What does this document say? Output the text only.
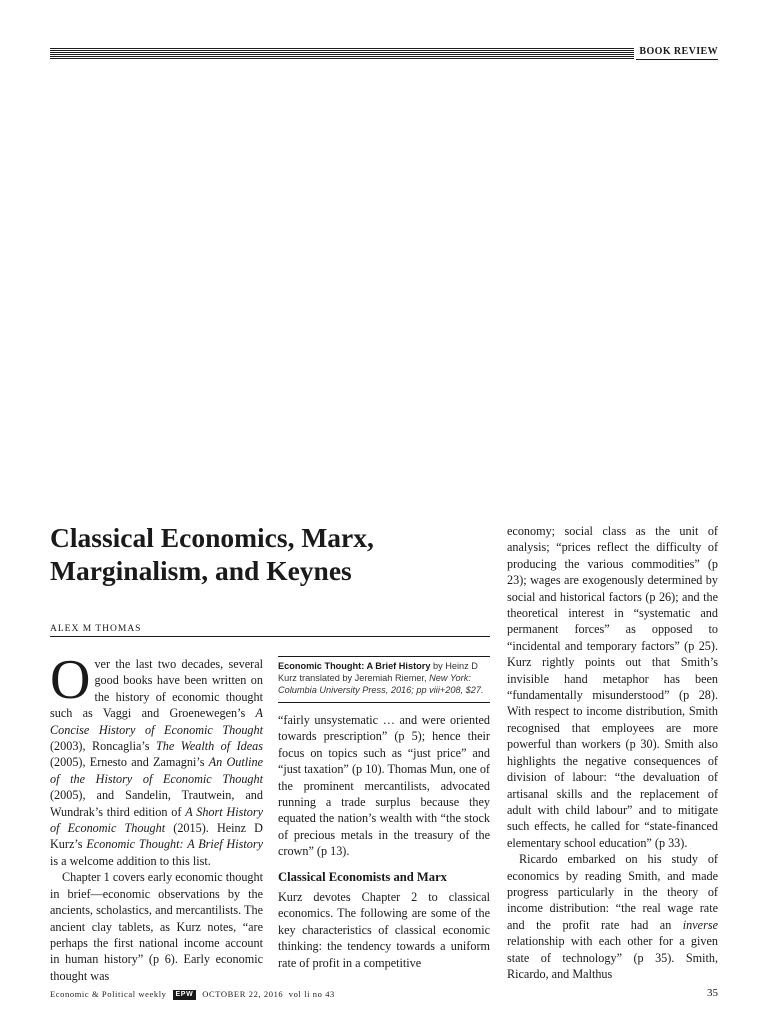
BOOK REVIEW
Classical Economics, Marx, Marginalism, and Keynes
ALEX M THOMAS

Over the last two decades, several good books have been written on the history of economic thought such as Vaggi and Groenewegen’s A Concise History of Economic Thought (2003), Roncaglia’s The Wealth of Ideas (2005), Ernesto and Zamagni’s An Outline of the History of Economic Thought (2005), and Sandelin, Trautwein, and Wundrak’s third edition of A Short History of Economic Thought (2015). Heinz D Kurz’s Economic Thought: A Brief History is a welcome addition to this list.

Chapter 1 covers early economic thought in brief—economic observations by the ancients, scholastics, and mercantilists. The ancient clay tablets, as Kurz notes, “are perhaps the first national income account in human history” (p 6). Early economic thought was

Economic Thought: A Brief History by Heinz D Kurz translated by Jeremiah Riemer, New York: Columbia University Press, 2016; pp viii+208, $27.

“fairly unsystematic … and were oriented towards prescription” (p 5); hence their focus on topics such as “just price” and “just taxation” (p 10). Thomas Mun, one of the prominent mercantilists, advocated running a trade surplus because they equated the nation’s wealth with “the stock of precious metals in the treasury of the crown” (p 13).

Classical Economists and Marx

Kurz devotes Chapter 2 to classical economics. The following are some of the key characteristics of classical economic thinking: the tendency towards a uniform rate of profit in a competitive

economy; social class as the unit of analysis; “prices reflect the difficulty of producing the various commodities” (p 23); wages are exogenously determined by social and historical factors (p 26); and the theoretical interest in “systematic and permanent forces” as opposed to “incidental and temporary factors” (p 25). Kurz rightly points out that Smith’s invisible hand metaphor has been “fundamentally misunderstood” (p 28). With respect to income distribution, Smith recognised that employees are more powerful than workers (p 30). Smith also highlights the negative consequences of division of labour: “the devaluation of artisanal skills and the replacement of adult with child labour” and to mitigate such effects, he called for “state-financed elementary school education” (p 33).

Ricardo embarked on his study of economics by reading Smith, and made progress particularly in the theory of income distribution: “the real wage rate and the profit rate had an inverse relationship with each other for a given state of technology” (p 35). Smith, Ricardo, and Malthus

Economic & Political weekly EPW OCTOBER 22, 2016 vol li no 43	35
